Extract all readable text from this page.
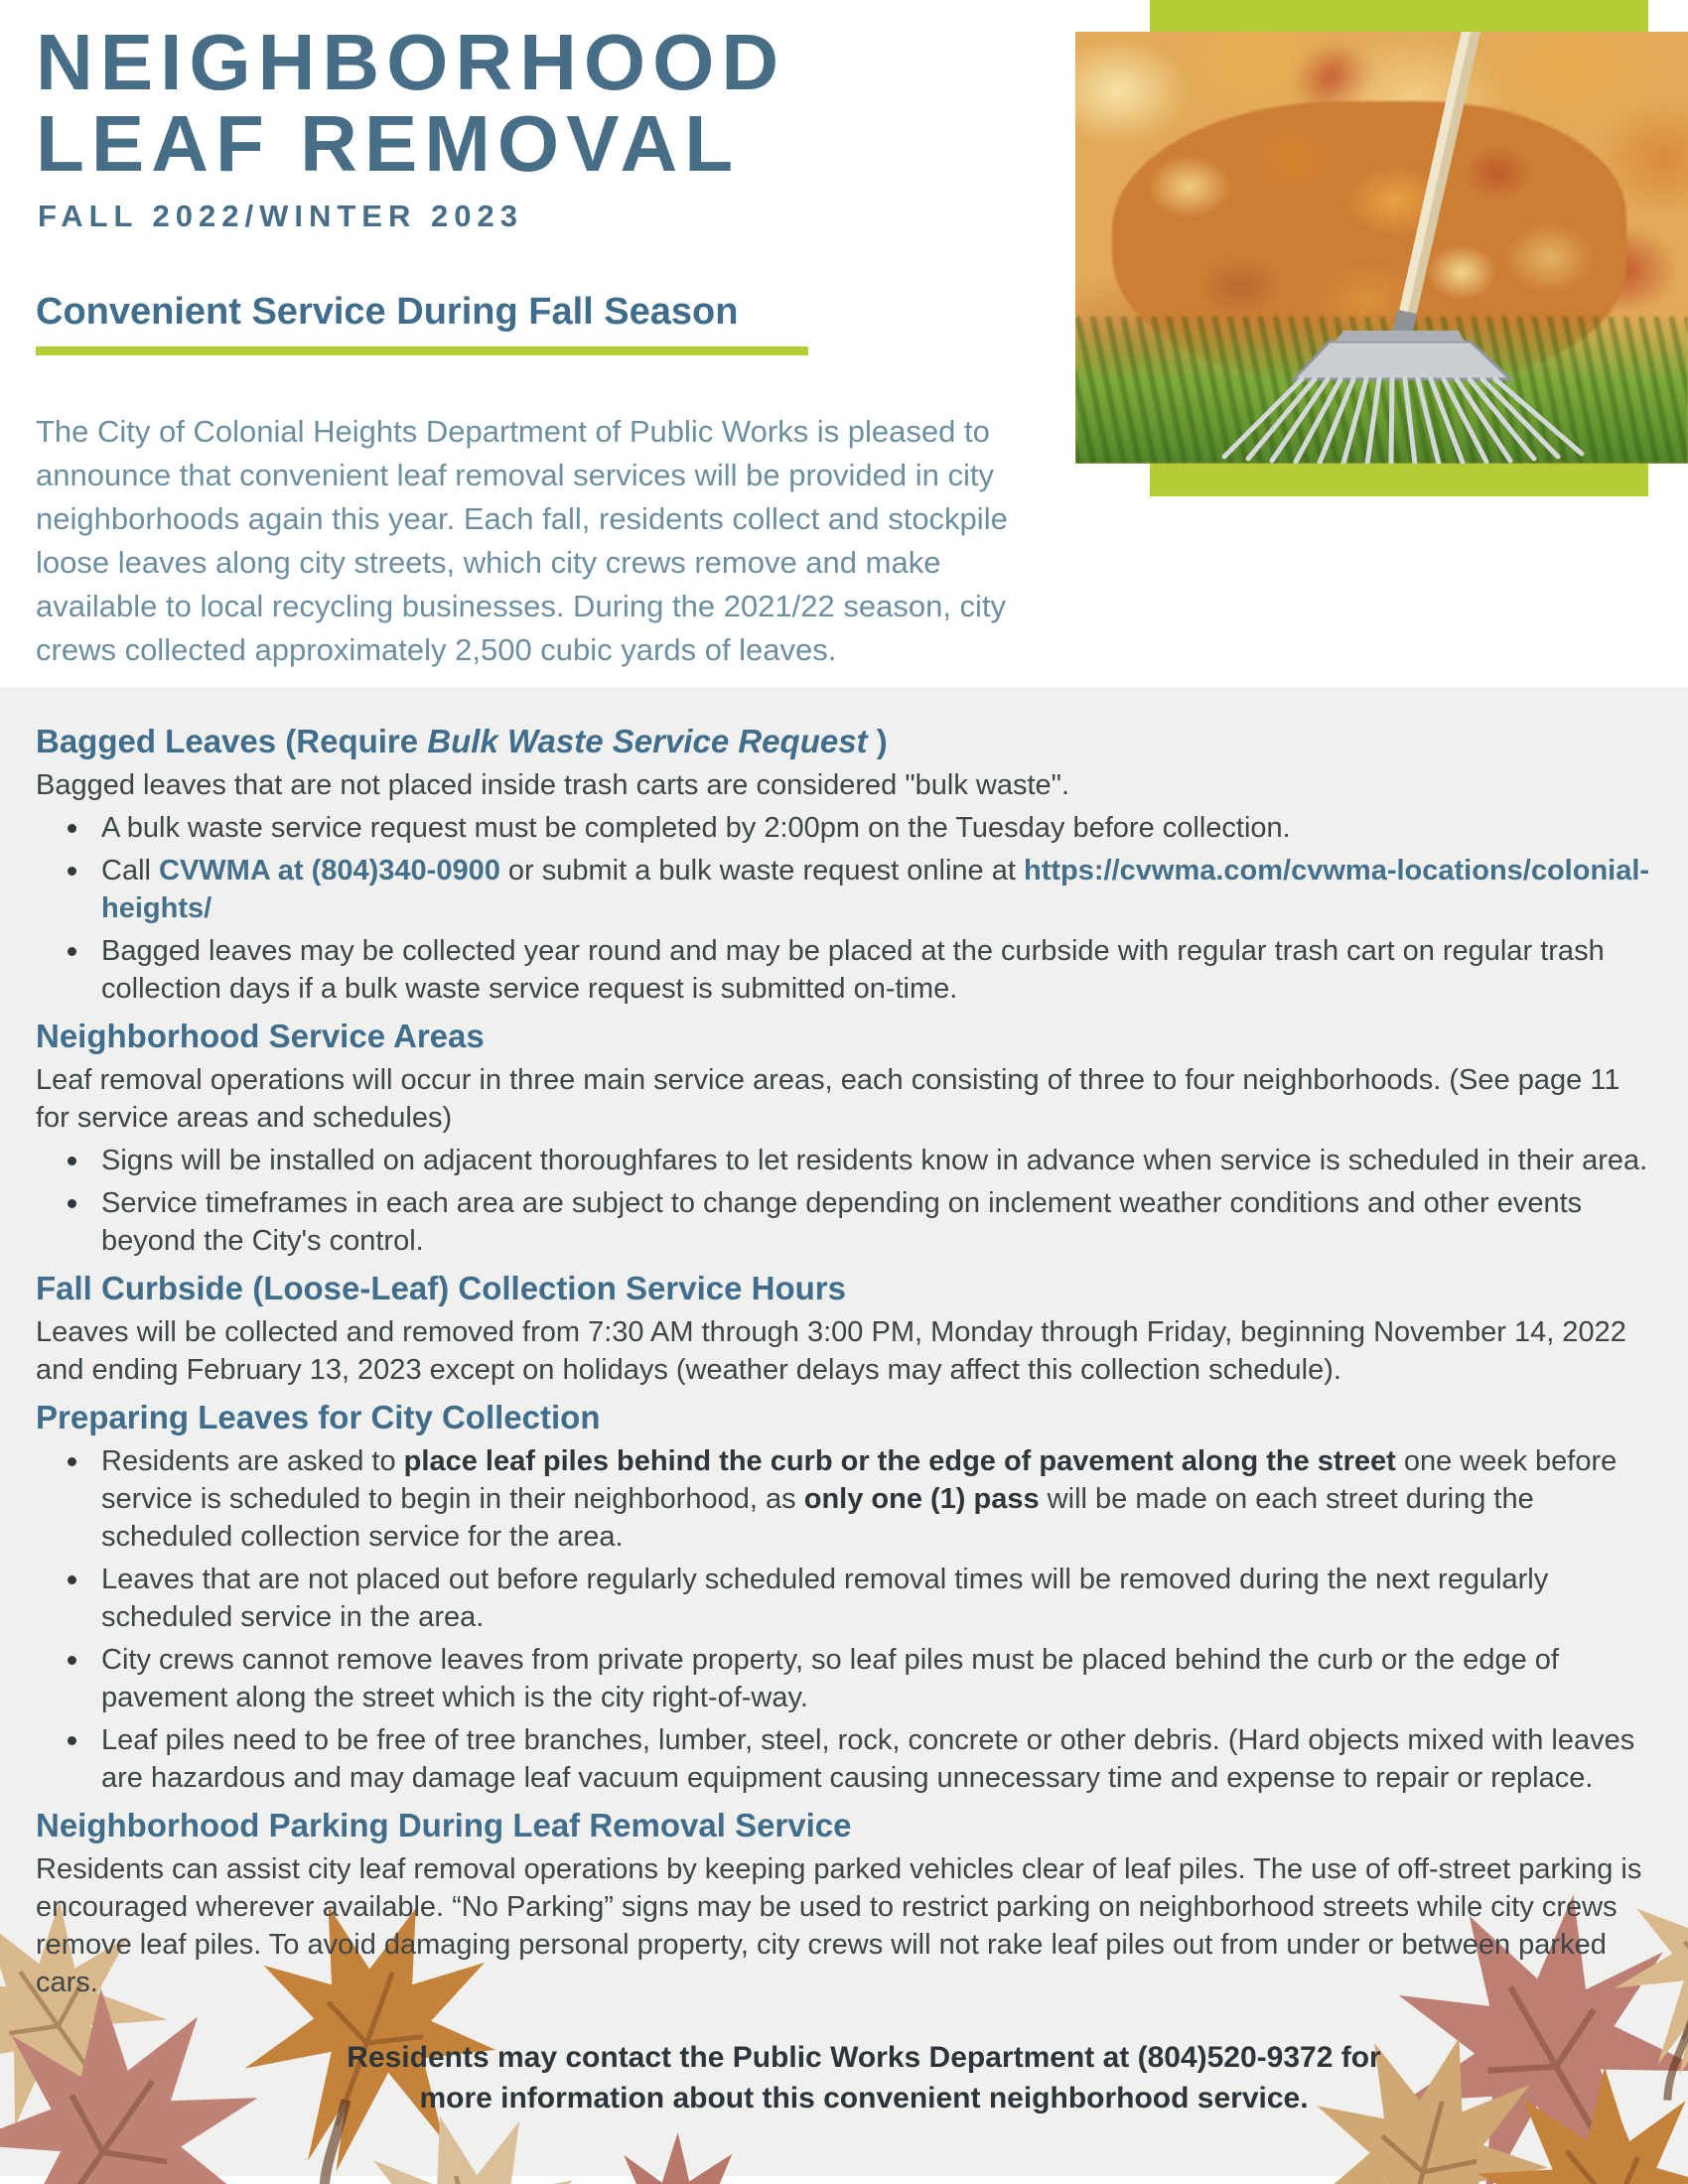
NEIGHBORHOOD
LEAF REMOVAL
FALL 2022/WINTER 2023
Convenient Service During Fall Season

The City of Colonial Heights Department of Public Works is pleased to announce that convenient leaf removal services will be provided in city neighborhoods again this year. Each fall, residents collect and stockpile loose leaves along city streets, which city crews remove and make available to local recycling businesses. During the 2021/22 season, city crews collected approximately 2,500 cubic yards of leaves.

Bagged Leaves (Require Bulk Waste Service Request )

Bagged leaves that are not placed inside trash carts are considered "bulk waste".

A bulk waste service request must be completed by 2:00pm on the Tuesday before collection.
Call CVWMA at (804)340-0900 or submit a bulk waste request online at https://cvwma.com/cvwma-locations/colonial-heights/
Bagged leaves may be collected year round and may be placed at the curbside with regular trash cart on regular trash collection days if a bulk waste service request is submitted on-time.
Neighborhood Service Areas

Leaf removal operations will occur in three main service areas, each consisting of three to four neighborhoods. (See page 11 for service areas and schedules)

Signs will be installed on adjacent thoroughfares to let residents know in advance when service is scheduled in their area.
Service timeframes in each area are subject to change depending on inclement weather conditions and other events beyond the City's control.
Fall Curbside (Loose-Leaf) Collection Service Hours

Leaves will be collected and removed from 7:30 AM through 3:00 PM, Monday through Friday, beginning November 14, 2022 and ending February 13, 2023 except on holidays (weather delays may affect this collection schedule).

Preparing Leaves for City Collection
Residents are asked to place leaf piles behind the curb or the edge of pavement along the street one week before service is scheduled to begin in their neighborhood, as only one (1) pass will be made on each street during the scheduled collection service for the area.
Leaves that are not placed out before regularly scheduled removal times will be removed during the next regularly scheduled service in the area.
City crews cannot remove leaves from private property, so leaf piles must be placed behind the curb or the edge of pavement along the street which is the city right-of-way.
Leaf piles need to be free of tree branches, lumber, steel, rock, concrete or other debris. (Hard objects mixed with leaves are hazardous and may damage leaf vacuum equipment causing unnecessary time and expense to repair or replace.
Neighborhood Parking During Leaf Removal Service

Residents can assist city leaf removal operations by keeping parked vehicles clear of leaf piles. The use of off-street parking is encouraged wherever available. “No Parking” signs may be used to restrict parking on neighborhood streets while city crews remove leaf piles. To avoid damaging personal property, city crews will not rake leaf piles out from under or between parked cars.

Residents may contact the Public Works Department at (804)520-9372 for more information about this convenient neighborhood service.
